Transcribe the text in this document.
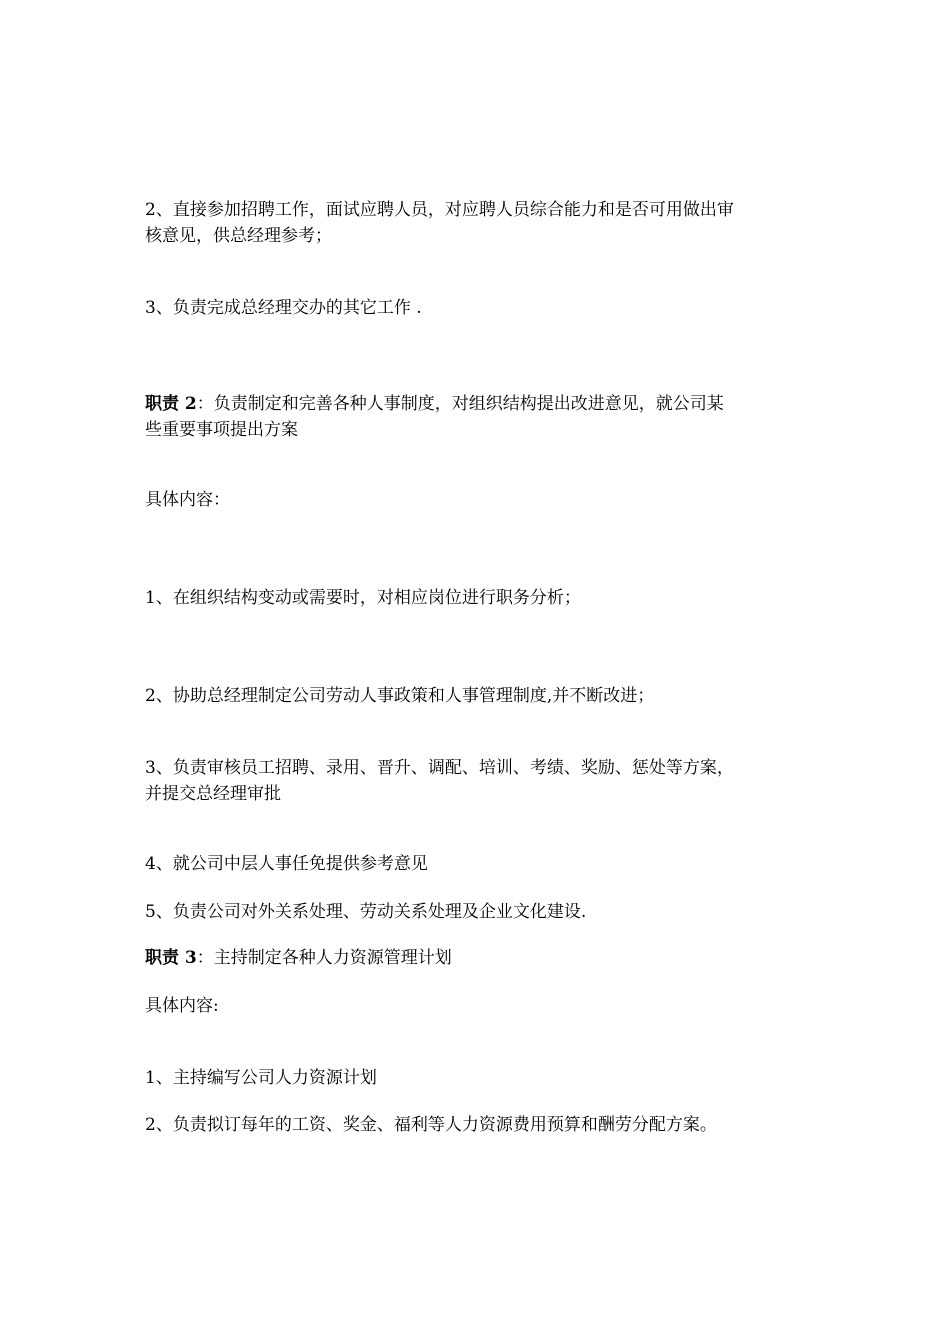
2、直接参加招聘工作，面试应聘人员，对应聘人员综合能力和是否可用做出审
核意见，供总经理参考；
3、负责完成总经理交办的其它工作 .
职责 2：负责制定和完善各种人事制度，对组织结构提出改进意见，就公司某
些重要事项提出方案
具体内容：
1、在组织结构变动或需要时，对相应岗位进行职务分析；
2、协助总经理制定公司劳动人事政策和人事管理制度,并不断改进；
3、负责审核员工招聘、录用、晋升、调配、培训、考绩、奖励、惩处等方案，
并提交总经理审批
4、就公司中层人事任免提供参考意见
5、负责公司对外关系处理、劳动关系处理及企业文化建设.
职责 3：主持制定各种人力资源管理计划
具体内容:
1、主持编写公司人力资源计划
2、负责拟订每年的工资、奖金、福利等人力资源费用预算和酬劳分配方案。
